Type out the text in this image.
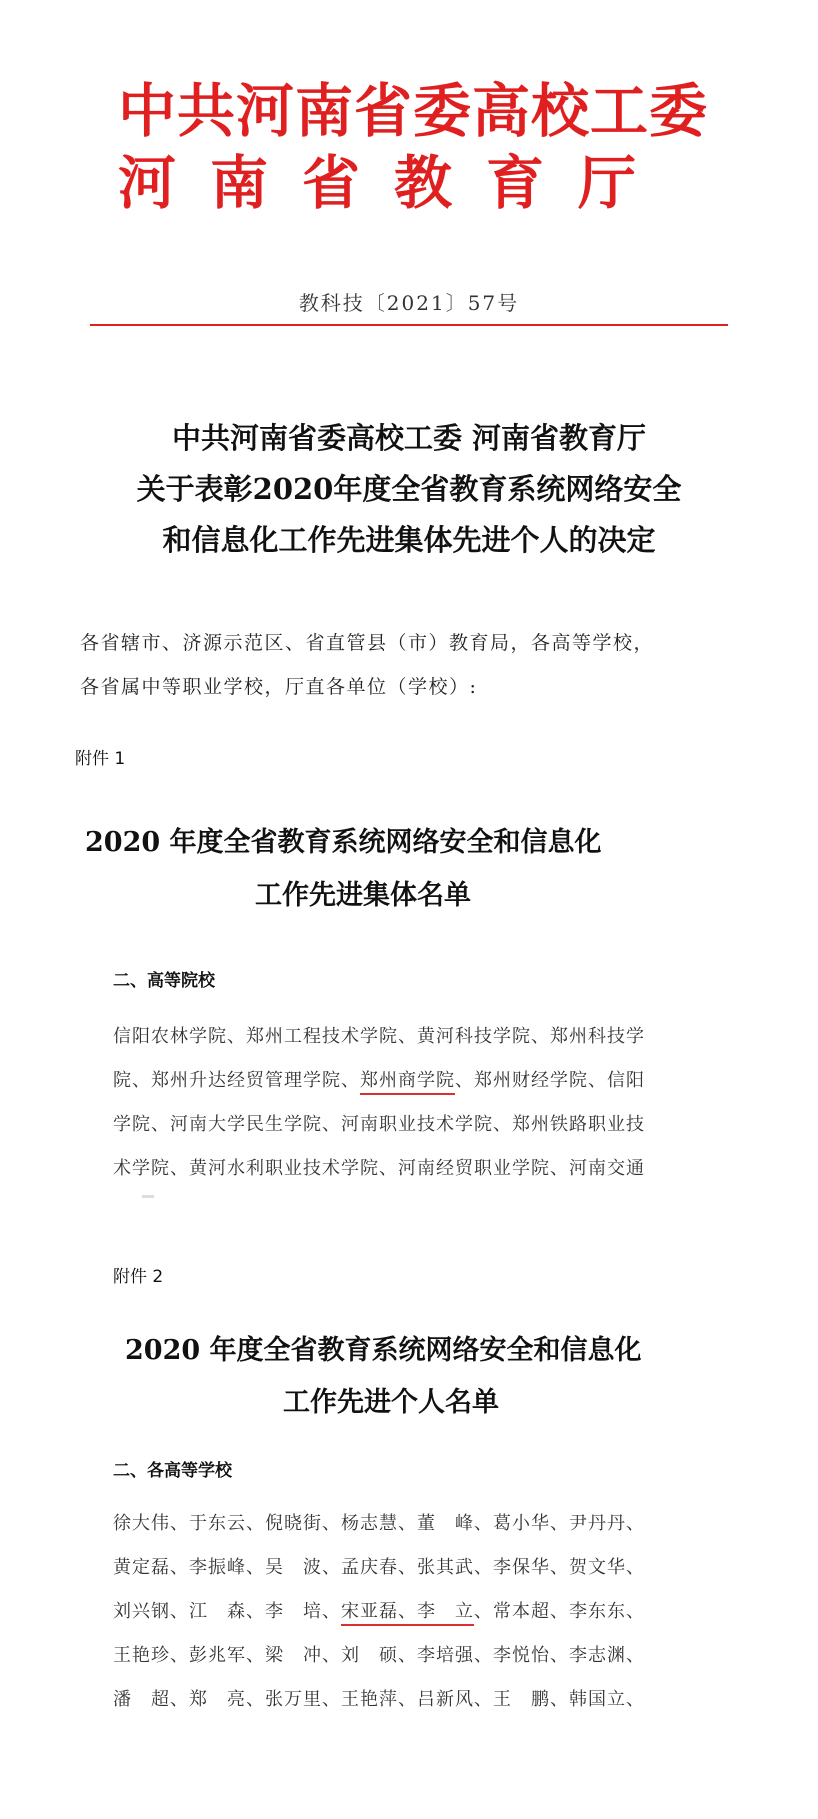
中共河南省委高校工委
河南省教育厅
教科技〔2021〕57号
中共河南省委高校工委 河南省教育厅
关于表彰2020年度全省教育系统网络安全
和信息化工作先进集体先进个人的决定
各省辖市、济源示范区、省直管县（市）教育局，各高等学校，
各省属中等职业学校，厅直各单位（学校）:
附件 1
2020 年度全省教育系统网络安全和信息化
工作先进集体名单
二、高等院校
信阳农林学院、郑州工程技术学院、黄河科技学院、郑州科技学
院、郑州升达经贸管理学院、郑州商学院、郑州财经学院、信阳
学院、河南大学民生学院、河南职业技术学院、郑州铁路职业技
术学院、黄河水利职业技术学院、河南经贸职业学院、河南交通
附件 2
2020 年度全省教育系统网络安全和信息化
工作先进个人名单
二、各高等学校
徐大伟、于东云、倪晓街、杨志慧、董　峰、葛小华、尹丹丹、
黄定磊、李振峰、吴　波、孟庆春、张其武、李保华、贺文华、
刘兴钢、江　森、李　培、宋亚磊、李　立、常本超、李东东、
王艳珍、彭兆军、梁　冲、刘　硕、李培强、李悦怡、李志渊、
潘　超、郑　亮、张万里、王艳萍、吕新风、王　鹏、韩国立、
